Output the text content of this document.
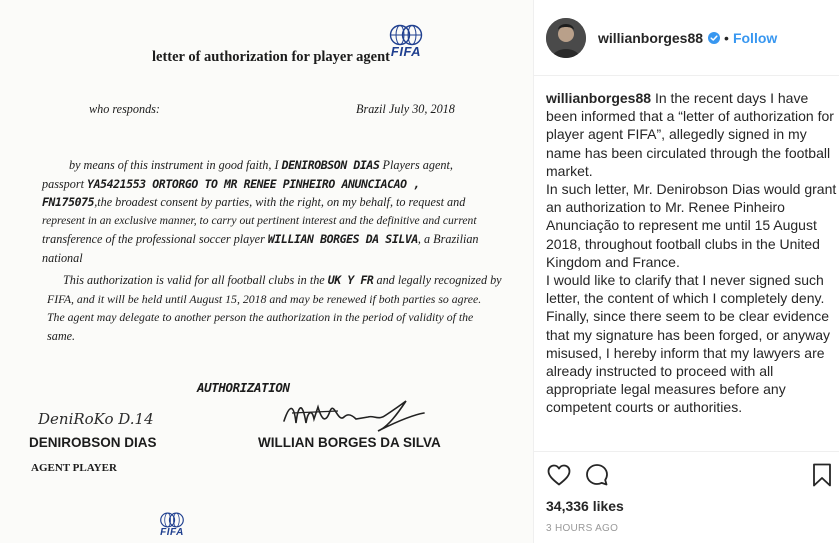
FIFA
letter of authorization for player agent
who responds:	Brazil July 30, 2018
by means of this instrument in good faith, I DENIROBSON DIAS Players agent,
passport YA5421553 ORTORGO TO MR RENEE PINHEIRO ANUNCIACAO ,
FN175075,the broadest consent by parties, with the right, on my behalf, to request and
represent in an exclusive manner, to carry out pertinent interest and the definitive and current
transference of the professional soccer player WILLIAN BORGES DA SILVA, a Brazilian
national
This authorization is valid for all football clubs in the UK Y FR and legally recognized by
FIFA, and it will be held until August 15, 2018 and may be renewed if both parties so agree.
The agent may delegate to another person the authorization in the period of validity of the
same.
AUTHORIZATION
DeniRoKo D.14
DENIROBSON DIAS
AGENT PLAYER
WILLIAN BORGES DA SILVA
FIFA
willianborges88 • Follow

willianborges88 In the recent days I have been informed that a “letter of authorization for player agent FIFA”, allegedly signed in my name has been circulated through the football market.

In such letter, Mr. Denirobson Dias would grant an authorization to Mr. Renee Pinheiro Anunciação to represent me until 15 August 2018, throughout football clubs in the United Kingdom and France.

I would like to clarify that I never signed such letter, the content of which I completely deny.

Finally, since there seem to be clear evidence that my signature has been forged, or anyway misused, I hereby inform that my lawyers are already instructed to proceed with all appropriate legal measures before any competent courts or authorities.

34,336 likes
3 HOURS AGO
